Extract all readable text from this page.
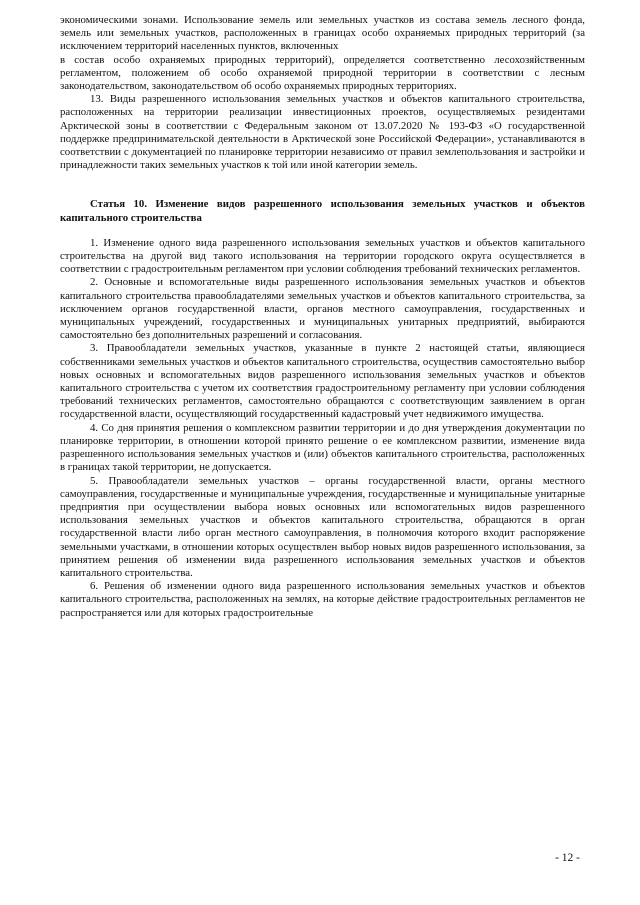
экономическими зонами. Использование земель или земельных участков из состава земель лесного фонда, земель или земельных участков, расположенных в границах особо охраняемых природных территорий (за исключением территорий населенных пунктов, включенных

в состав особо охраняемых природных территорий), определяется соответственно лесохозяйственным регламентом, положением об особо охраняемой природной территории в соответствии с лесным законодательством, законодательством об особо охраняемых природных территориях.

13. Виды разрешенного использования земельных участков и объектов капитального строительства, расположенных на территории реализации инвестиционных проектов, осуществляемых резидентами Арктической зоны в соответствии с Федеральным законом от 13.07.2020 № 193-ФЗ «О государственной поддержке предпринимательской деятельности в Арктической зоне Российской Федерации», устанавливаются в соответствии с документацией по планировке территории независимо от правил землепользования и застройки и принадлежности таких земельных участков к той или иной категории земель.

Статья 10. Изменение видов разрешенного использования земельных участков и объектов капитального строительства

1. Изменение одного вида разрешенного использования земельных участков и объектов капитального строительства на другой вид такого использования на территории городского округа осуществляется в соответствии с градостроительным регламентом при условии соблюдения требований технических регламентов.

2. Основные и вспомогательные виды разрешенного использования земельных участков и объектов капитального строительства правообладателями земельных участков и объектов капитального строительства, за исключением органов государственной власти, органов местного самоуправления, государственных и муниципальных учреждений, государственных и муниципальных унитарных предприятий, выбираются самостоятельно без дополнительных разрешений и согласования.

3. Правообладатели земельных участков, указанные в пункте 2 настоящей статьи, являющиеся собственниками земельных участков и объектов капитального строительства, осуществив самостоятельно выбор новых основных и вспомогательных видов разрешенного использования земельных участков и объектов капитального строительства с учетом их соответствия градостроительному регламенту при условии соблюдения требований технических регламентов, самостоятельно обращаются с соответствующим заявлением в орган государственной власти, осуществляющий государственный кадастровый учет недвижимого имущества.

4. Со дня принятия решения о комплексном развитии территории и до дня утверждения документации по планировке территории, в отношении которой принято решение о ее комплексном развитии, изменение вида разрешенного использования земельных участков и (или) объектов капитального строительства, расположенных в границах такой территории, не допускается.

5. Правообладатели земельных участков – органы государственной власти, органы местного самоуправления, государственные и муниципальные учреждения, государственные и муниципальные унитарные предприятия при осуществлении выбора новых основных или вспомогательных видов разрешенного использования земельных участков и объектов капитального строительства, обращаются в орган государственной власти либо орган местного самоуправления, в полномочия которого входит распоряжение земельными участками, в отношении которых осуществлен выбор новых видов разрешенного использования, за принятием решения об изменении вида разрешенного использования земельных участков и объектов капитального строительства.

6. Решения об изменении одного вида разрешенного использования земельных участков и объектов капитального строительства, расположенных на землях, на которые действие градостроительных регламентов не распространяется или для которых градостроительные

- 12 -
